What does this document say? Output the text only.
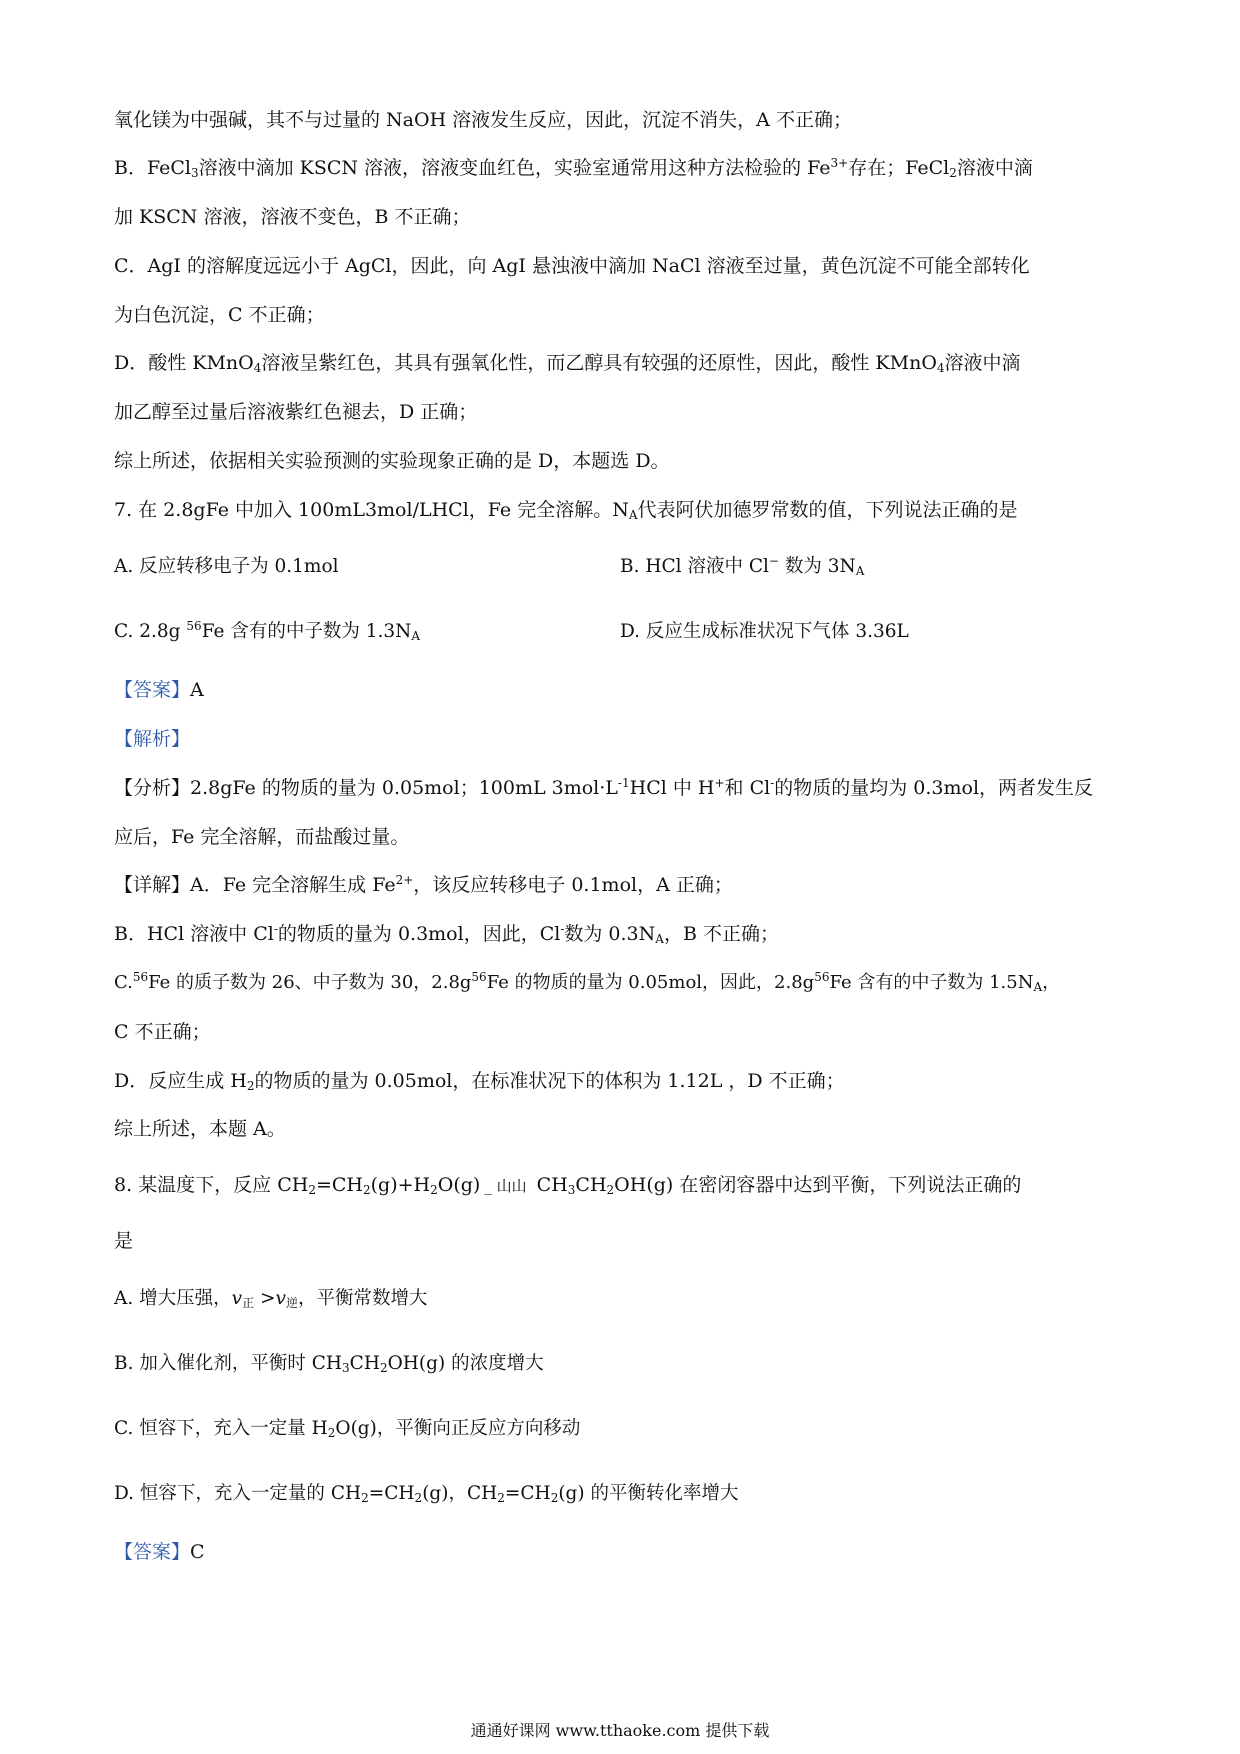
氧化镁为中强碱，其不与过量的 NaOH 溶液发生反应，因此，沉淀不消失，A 不正确；
B．FeCl$_3$溶液中滴加 KSCN 溶液，溶液变血红色，实验室通常用这种方法检验的 $Fe^{3+}$存在；FeCl$_2$溶液中滴
加 KSCN 溶液，溶液不变色，B 不正确；
C．AgI 的溶解度远远小于 AgCl，因此，向 AgI 悬浊液中滴加 NaCl 溶液至过量，黄色沉淀不可能全部转化
为白色沉淀，C 不正确；
D．酸性 KMnO$_4$溶液呈紫红色，其具有强氧化性，而乙醇具有较强的还原性，因此，酸性 KMnO$_4$溶液中滴
加乙醇至过量后溶液紫红色褪去，D 正确；
综上所述，依据相关实验预测的实验现象正确的是 D，本题选 D。
7. 在 2.8gFe 中加入 100mL3mol/LHCl，Fe 完全溶解。$N_A$代表阿伏加德罗常数的值，下列说法正确的是
A. 反应转移电子为 0.1mol	B. HCl 溶液中 Cl− 数为 $3N_A$
C. 2.8g $^{56}$Fe 含有的中子数为 $1.3N_A$	D. 反应生成标准状况下气体 3.36L
【答案】A
【解析】
【分析】2.8gFe 的物质的量为 0.05mol；100mL $3mol\cdot L^{-1}HCl$ 中 H+和 Cl-的物质的量均为 0.3mol，两者发生反
应后，Fe 完全溶解，而盐酸过量。
【详解】A．Fe 完全溶解生成 $Fe^{2+}$，该反应转移电子 0.1mol，A 正确；
B．HCl 溶液中 Cl-的物质的量为 0.3mol，因此，Cl-数为 $0.3N_A$，B 不正确；
C.$^{56}$Fe 的质子数为 26、中子数为 30，$2.8g^{56}Fe$ 的物质的量为 0.05mol，因此，$2.8g^{56}Fe$ 含有的中子数为 $1.5N_A$，
C 不正确；
D．反应生成 $H_2$的物质的量为 0.05mol，在标准状况下的体积为 1.12L ，D 不正确；
综上所述，本题 A。
8. 某温度下，反应 $CH_2=CH_2(g)+H_2O(g)$ _ 山山 $CH_3CH_2OH(g)$ 在密闭容器中达到平衡，下列说法正确的
是
A. 增大压强，$v_正 >v_逆$，平衡常数增大
B. 加入催化剂，平衡时 $CH_3CH_2OH(g)$ 的浓度增大
C. 恒容下，充入一定量 $H_2O(g)$，平衡向正反应方向移动
D. 恒容下，充入一定量的 $CH_2=CH_2(g)$，$CH_2=CH_2(g)$ 的平衡转化率增大
【答案】C
通通好课网 www.tthaoke.com 提供下载
